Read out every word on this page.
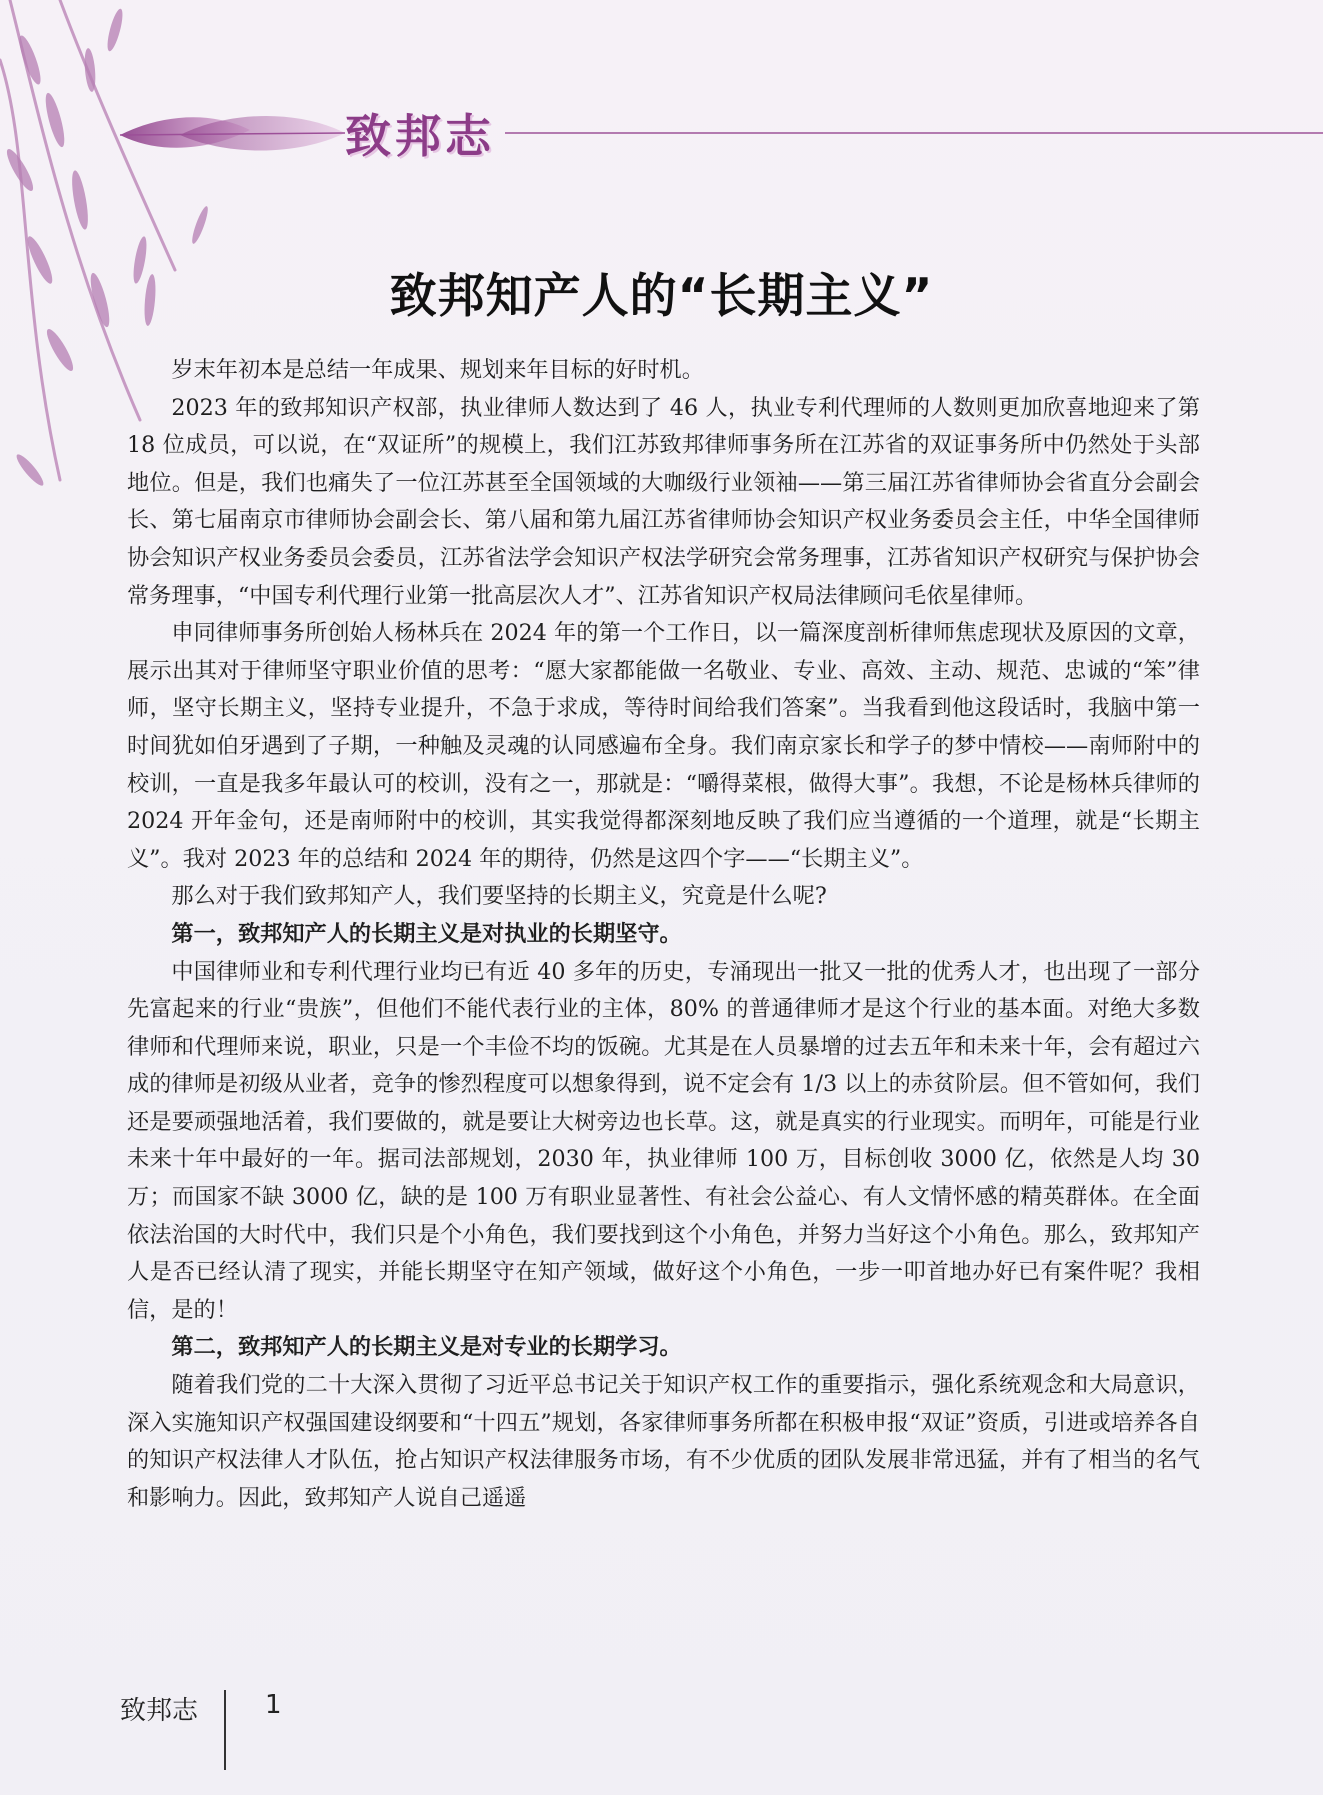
致邦志
致邦知产人的“长期主义”

岁末年初本是总结一年成果、规划来年目标的好时机。

2023 年的致邦知识产权部，执业律师人数达到了 46 人，执业专利代理师的人数则更加欣喜地迎来了第 18 位成员，可以说，在“双证所”的规模上，我们江苏致邦律师事务所在江苏省的双证事务所中仍然处于头部地位。但是，我们也痛失了一位江苏甚至全国领域的大咖级行业领袖——第三届江苏省律师协会省直分会副会长、第七届南京市律师协会副会长、第八届和第九届江苏省律师协会知识产权业务委员会主任，中华全国律师协会知识产权业务委员会委员，江苏省法学会知识产权法学研究会常务理事，江苏省知识产权研究与保护协会常务理事，“中国专利代理行业第一批高层次人才”、江苏省知识产权局法律顾问毛依星律师。

申同律师事务所创始人杨林兵在 2024 年的第一个工作日，以一篇深度剖析律师焦虑现状及原因的文章，展示出其对于律师坚守职业价值的思考：“愿大家都能做一名敬业、专业、高效、主动、规范、忠诚的“笨”律师，坚守长期主义，坚持专业提升，不急于求成，等待时间给我们答案”。当我看到他这段话时，我脑中第一时间犹如伯牙遇到了子期，一种触及灵魂的认同感遍布全身。我们南京家长和学子的梦中情校——南师附中的校训，一直是我多年最认可的校训，没有之一，那就是：“嚼得菜根，做得大事”。我想，不论是杨林兵律师的 2024 开年金句，还是南师附中的校训，其实我觉得都深刻地反映了我们应当遵循的一个道理，就是“长期主义”。我对 2023 年的总结和 2024 年的期待，仍然是这四个字——“长期主义”。

那么对于我们致邦知产人，我们要坚持的长期主义，究竟是什么呢?

第一，致邦知产人的长期主义是对执业的长期坚守。

中国律师业和专利代理行业均已有近 40 多年的历史，专涌现出一批又一批的优秀人才，也出现了一部分先富起来的行业“贵族”，但他们不能代表行业的主体，80% 的普通律师才是这个行业的基本面。对绝大多数律师和代理师来说，职业，只是一个丰俭不均的饭碗。尤其是在人员暴增的过去五年和未来十年，会有超过六成的律师是初级从业者，竞争的惨烈程度可以想象得到，说不定会有 1/3 以上的赤贫阶层。但不管如何，我们还是要顽强地活着，我们要做的，就是要让大树旁边也长草。这，就是真实的行业现实。而明年，可能是行业未来十年中最好的一年。据司法部规划，2030 年，执业律师 100 万，目标创收 3000 亿，依然是人均 30 万；而国家不缺 3000 亿，缺的是 100 万有职业显著性、有社会公益心、有人文情怀感的精英群体。在全面依法治国的大时代中，我们只是个小角色，我们要找到这个小角色，并努力当好这个小角色。那么，致邦知产人是否已经认清了现实，并能长期坚守在知产领域，做好这个小角色，一步一叩首地办好已有案件呢？我相信，是的！

第二，致邦知产人的长期主义是对专业的长期学习。

随着我们党的二十大深入贯彻了习近平总书记关于知识产权工作的重要指示，强化系统观念和大局意识，深入实施知识产权强国建设纲要和“十四五”规划，各家律师事务所都在积极申报“双证”资质，引进或培养各自的知识产权法律人才队伍，抢占知识产权法律服务市场，有不少优质的团队发展非常迅猛，并有了相当的名气和影响力。因此，致邦知产人说自己遥遥

致邦志	1
